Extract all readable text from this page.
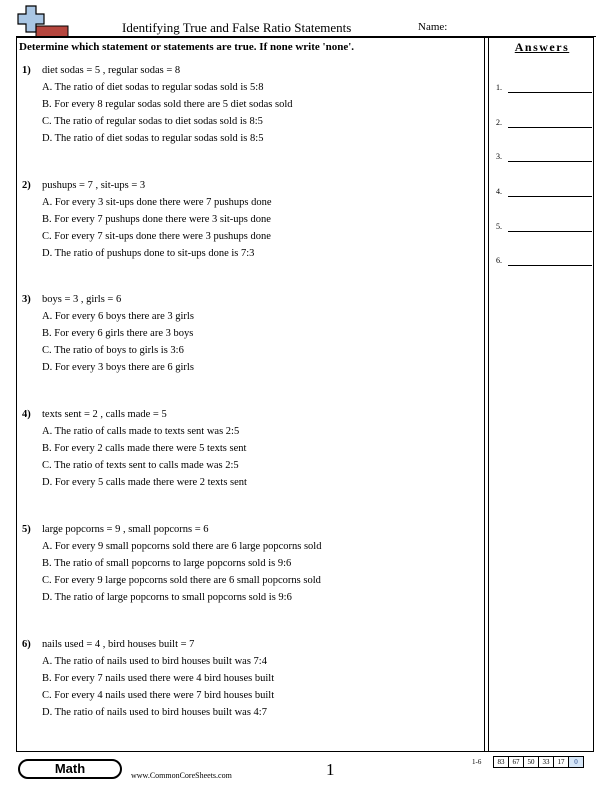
Identifying True and False Ratio Statements	Name:
Determine which statement or statements are true. If none write 'none'.	Answers
1.
2.
3.
4.
5.
6.
1) diet sodas = 5 , regular sodas = 8
A. The ratio of diet sodas to regular sodas sold is 5:8
B. For every 8 regular sodas sold there are 5 diet sodas sold
C. The ratio of regular sodas to diet sodas sold is 8:5
D. The ratio of diet sodas to regular sodas sold is 8:5
2) pushups = 7 , sit-ups = 3
A. For every 3 sit-ups done there were 7 pushups done
B. For every 7 pushups done there were 3 sit-ups done
C. For every 7 sit-ups done there were 3 pushups done
D. The ratio of pushups done to sit-ups done is 7:3
3) boys = 3 , girls = 6
A. For every 6 boys there are 3 girls
B. For every 6 girls there are 3 boys
C. The ratio of boys to girls is 3:6
D. For every 3 boys there are 6 girls
4) texts sent = 2 , calls made = 5
A. The ratio of calls made to texts sent was 2:5
B. For every 2 calls made there were 5 texts sent
C. The ratio of texts sent to calls made was 2:5
D. For every 5 calls made there were 2 texts sent
5) large popcorns = 9 , small popcorns = 6
A. For every 9 small popcorns sold there are 6 large popcorns sold
B. The ratio of small popcorns to large popcorns sold is 9:6
C. For every 9 large popcorns sold there are 6 small popcorns sold
D. The ratio of large popcorns to small popcorns sold is 9:6
6) nails used = 4 , bird houses built = 7
A. The ratio of nails used to bird houses built was 7:4
B. For every 7 nails used there were 4 bird houses built
C. For every 4 nails used there were 7 bird houses built
D. The ratio of nails used to bird houses built was 4:7
Math	www.CommonCoreSheets.com	1	1-6	83	67	50	33	17	0
